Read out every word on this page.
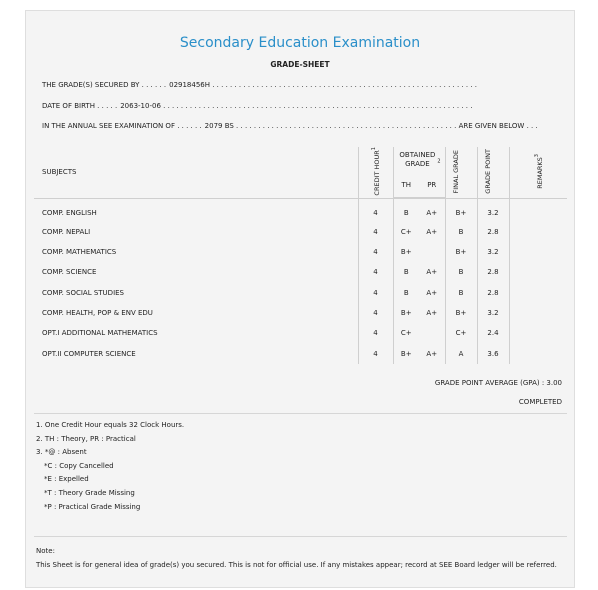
Secondary Education Examination
GRADE-SHEET
THE GRADE(S) SECURED BY . . . . . . 02918456H . . . . . . . . . . . . . . . . . . . . . . . . . . . . . . . . . . . . . . . . . . . . . . . . . . . . . . . . . . . .
DATE OF BIRTH . . . . . 2063-10-06 . . . . . . . . . . . . . . . . . . . . . . . . . . . . . . . . . . . . . . . . . . . . . . . . . . . . . . . . . . . . . . . . . . . . . .
IN THE ANNUAL SEE EXAMINATION OF . . . . . . 2079 BS . . . . . . . . . . . . . . . . . . . . . . . . . . . . . . . . . . . . . . . . . . . . . . . . . . ARE GIVEN BELOW . . .
SUBJECTS	CREDIT HOUR$^1$	OBTAINED GRADE $^2$		FINAL GRADE	GRADE POINT	REMARKS$^3$
		TH	PR			

COMP. ENGLISH	4	B	A+	B+	3.2	
COMP. NEPALI	4	C+	A+	B	2.8	
COMP. MATHEMATICS	4	B+		B+	3.2	
COMP. SCIENCE	4	B	A+	B	2.8	
COMP. SOCIAL STUDIES	4	B	A+	B	2.8	
COMP. HEALTH, POP & ENV EDU	4	B+	A+	B+	3.2	
OPT.I ADDITIONAL MATHEMATICS	4	C+		C+	2.4	
OPT.II COMPUTER SCIENCE	4	B+	A+	A	3.6	
GRADE POINT AVERAGE (GPA) : 3.00
COMPLETED
1. One Credit Hour equals 32 Clock Hours.
2. TH : Theory, PR : Practical
3. *@ : Absent
*C : Copy Cancelled
*E : Expelled
*T : Theory Grade Missing
*P : Practical Grade Missing
Note:
This Sheet is for general idea of grade(s) you secured. This is not for official use. If any mistakes appear; record at SEE Board ledger will be referred.
